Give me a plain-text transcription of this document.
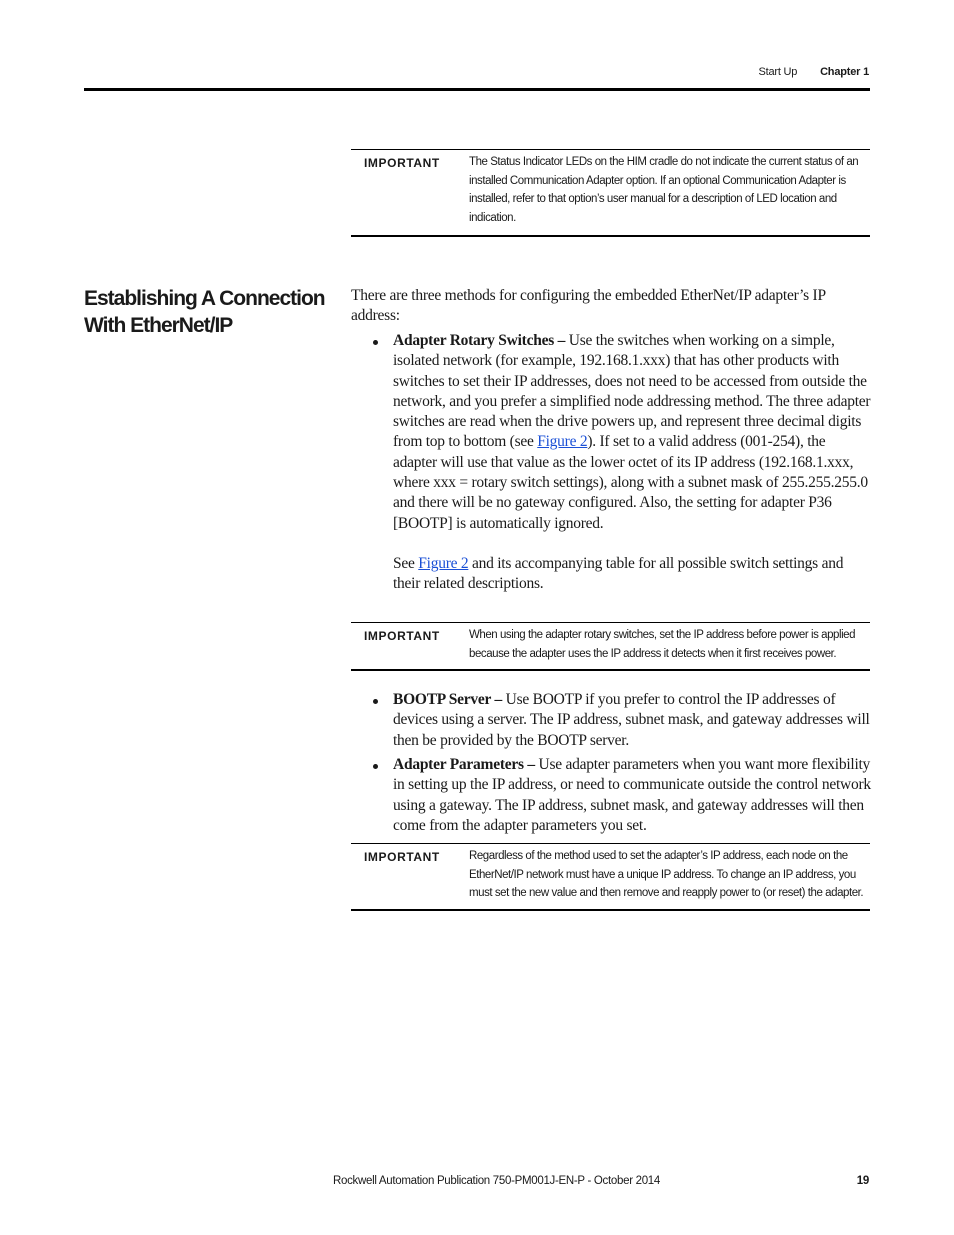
Start Up Chapter 1
IMPORTANT	The Status Indicator LEDs on the HIM cradle do not indicate the current status of an installed Communication Adapter option. If an optional Communication Adapter is installed, refer to that option’s user manual for a description of LED location and indication.
Establishing A Connection With EtherNet/IP
There are three methods for configuring the embedded EtherNet/IP adapter’s IP address:
Adapter Rotary Switches – Use the switches when working on a simple, isolated network (for example, 192.168.1.xxx) that has other products with switches to set their IP addresses, does not need to be accessed from outside the network, and you prefer a simplified node addressing method. The three adapter switches are read when the drive powers up, and represent three decimal digits from top to bottom (see Figure 2). If set to a valid address (001-254), the adapter will use that value as the lower octet of its IP address (192.168.1.xxx, where xxx = rotary switch settings), along with a subnet mask of 255.255.255.0 and there will be no gateway configured. Also, the setting for adapter P36 [BOOTP] is automatically ignored.
See Figure 2 and its accompanying table for all possible switch settings and their related descriptions.
IMPORTANT	When using the adapter rotary switches, set the IP address before power is applied because the adapter uses the IP address it detects when it first receives power.
BOOTP Server – Use BOOTP if you prefer to control the IP addresses of devices using a server. The IP address, subnet mask, and gateway addresses will then be provided by the BOOTP server.
Adapter Parameters – Use adapter parameters when you want more flexibility in setting up the IP address, or need to communicate outside the control network using a gateway. The IP address, subnet mask, and gateway addresses will then come from the adapter parameters you set.
IMPORTANT	Regardless of the method used to set the adapter’s IP address, each node on the EtherNet/IP network must have a unique IP address. To change an IP address, you must set the new value and then remove and reapply power to (or reset) the adapter.
Rockwell Automation Publication 750-PM001J-EN-P - October 2014	19
